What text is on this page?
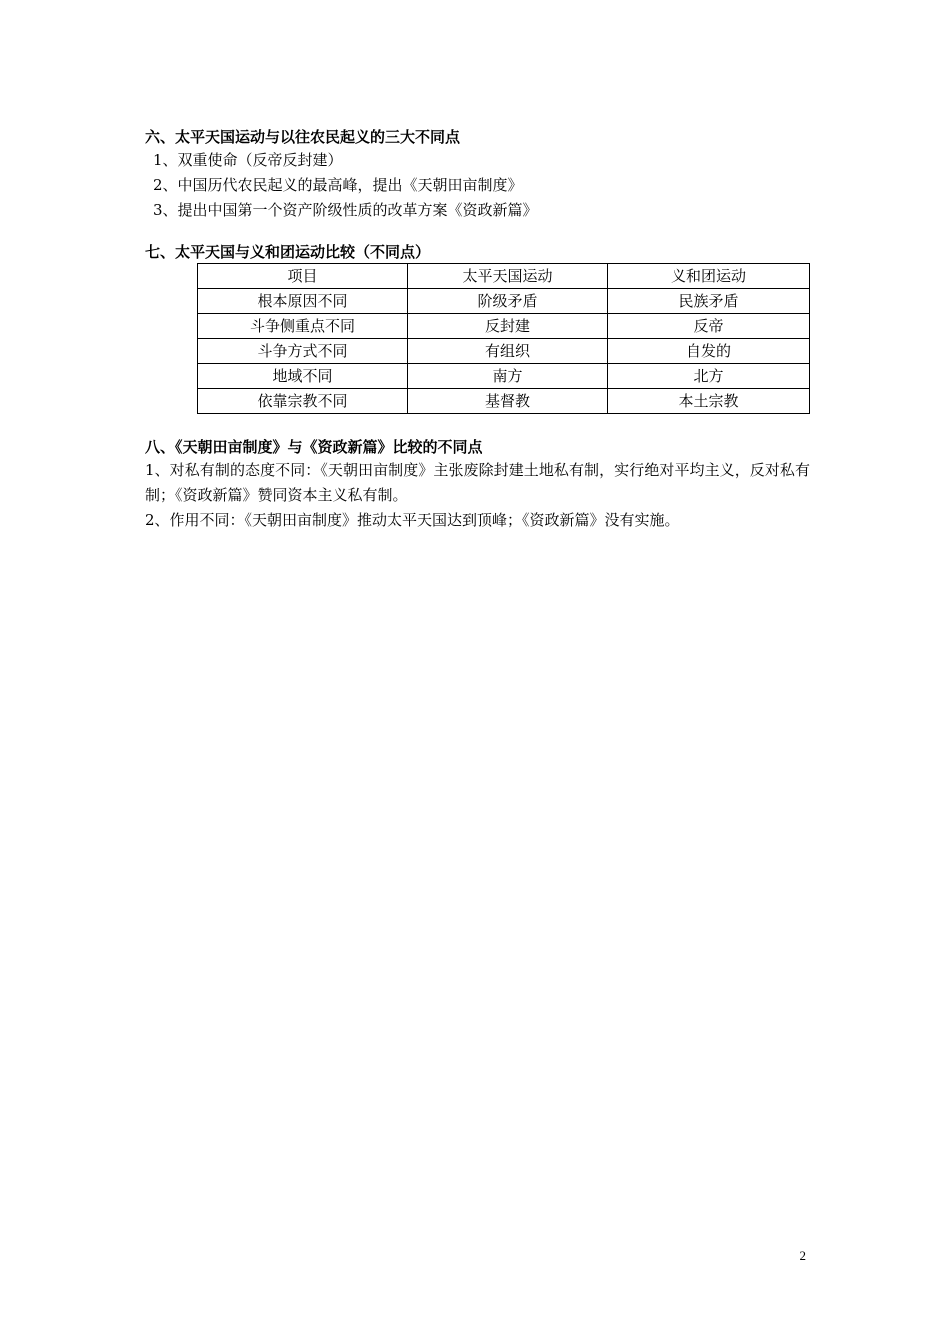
六、太平天国运动与以往农民起义的三大不同点
1、双重使命（反帝反封建）
2、中国历代农民起义的最高峰，提出《天朝田亩制度》
3、提出中国第一个资产阶级性质的改革方案《资政新篇》
七、太平天国与义和团运动比较（不同点）
项目	太平天国运动	义和团运动
根本原因不同	阶级矛盾	民族矛盾
斗争侧重点不同	反封建	反帝
斗争方式不同	有组织	自发的
地域不同	南方	北方
依靠宗教不同	基督教	本土宗教
八、《天朝田亩制度》与《资政新篇》比较的不同点

1、对私有制的态度不同：《天朝田亩制度》主张废除封建土地私有制，实行绝对平均主义，反对私有制；《资政新篇》赞同资本主义私有制。

2、作用不同：《天朝田亩制度》推动太平天国达到顶峰；《资政新篇》没有实施。

2
